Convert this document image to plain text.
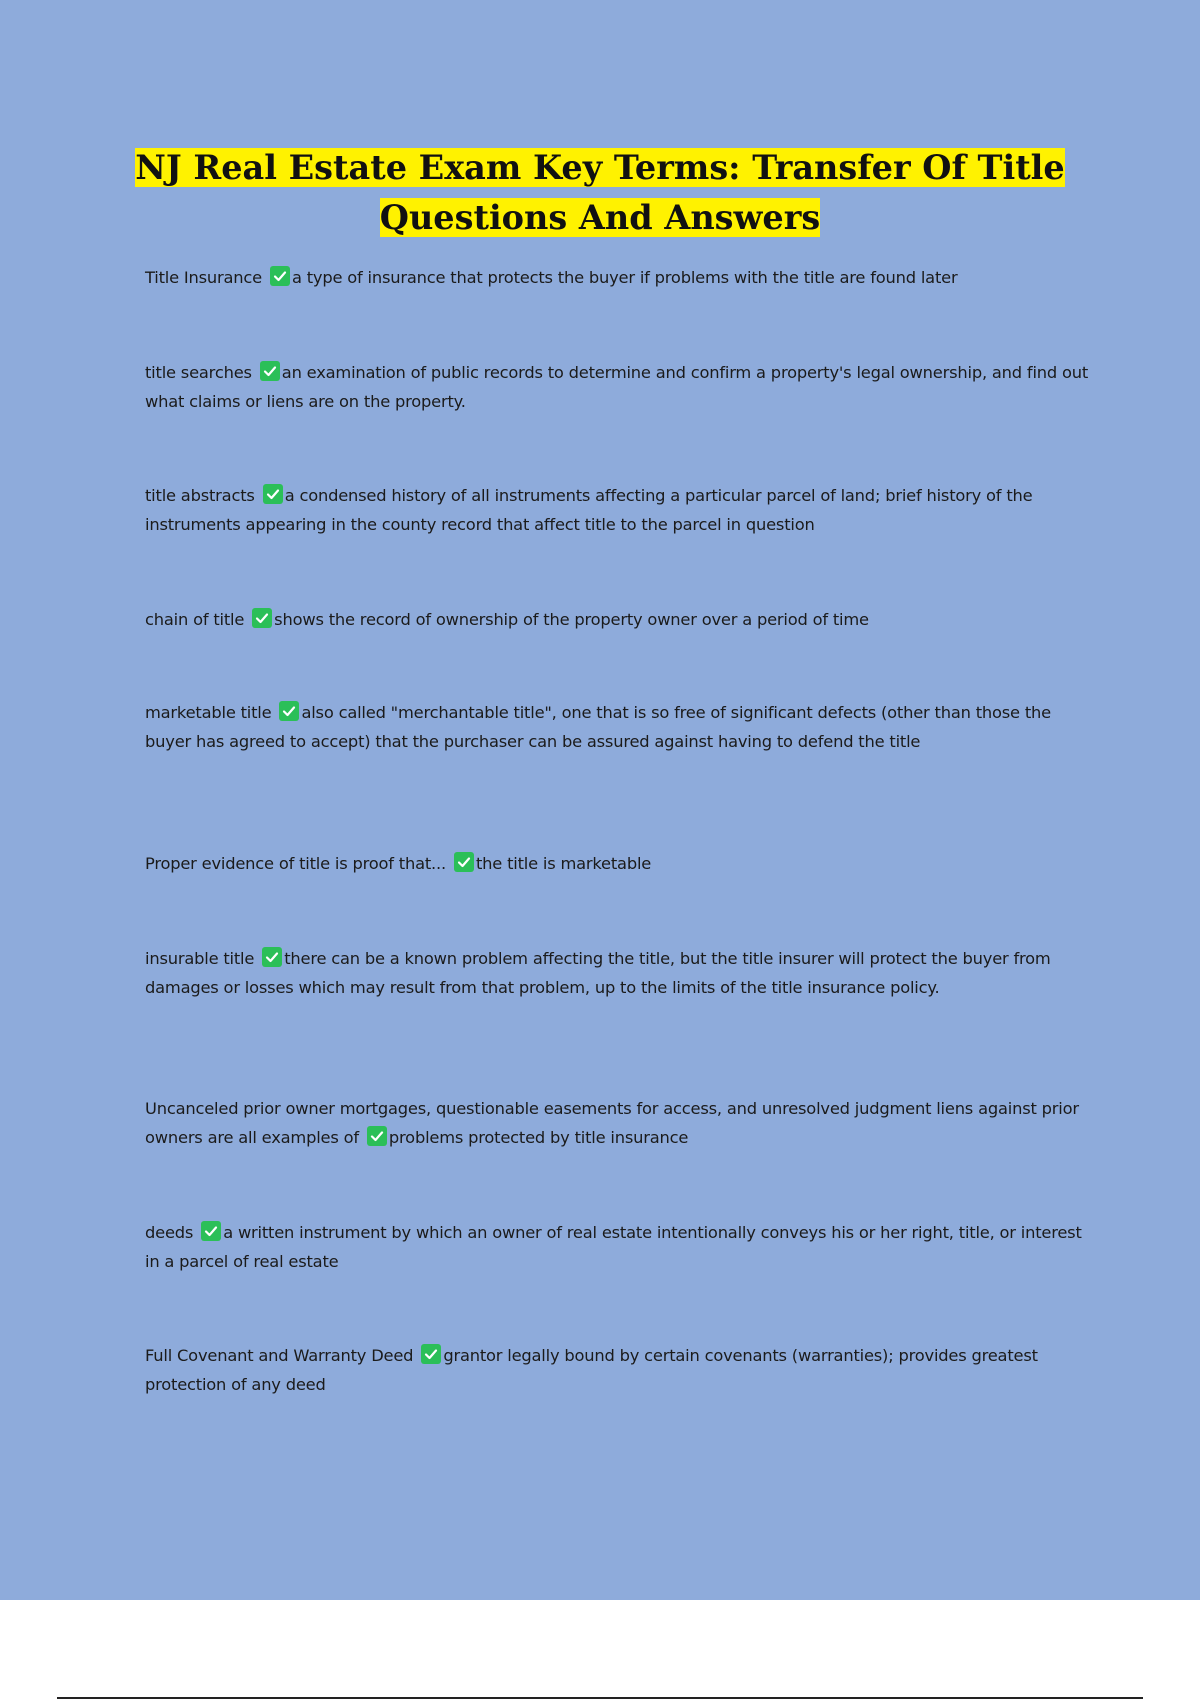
NJ Real Estate Exam Key Terms: Transfer Of Title
Questions And Answers

Title Insurance a type of insurance that protects the buyer if problems with the title are found later

title searches an examination of public records to determine and confirm a property's legal ownership, and find out what claims or liens are on the property.

title abstracts a condensed history of all instruments affecting a particular parcel of land; brief history of the instruments appearing in the county record that affect title to the parcel in question

chain of title shows the record of ownership of the property owner over a period of time

marketable title also called "merchantable title", one that is so free of significant defects (other than those the buyer has agreed to accept) that the purchaser can be assured against having to defend the title

Proper evidence of title is proof that... the title is marketable

insurable title there can be a known problem affecting the title, but the title insurer will protect the buyer from damages or losses which may result from that problem, up to the limits of the title insurance policy.

Uncanceled prior owner mortgages, questionable easements for access, and unresolved judgment liens against prior owners are all examples of problems protected by title insurance

deeds a written instrument by which an owner of real estate intentionally conveys his or her right, title, or interest in a parcel of real estate

Full Covenant and Warranty Deed grantor legally bound by certain covenants (warranties); provides greatest protection of any deed
